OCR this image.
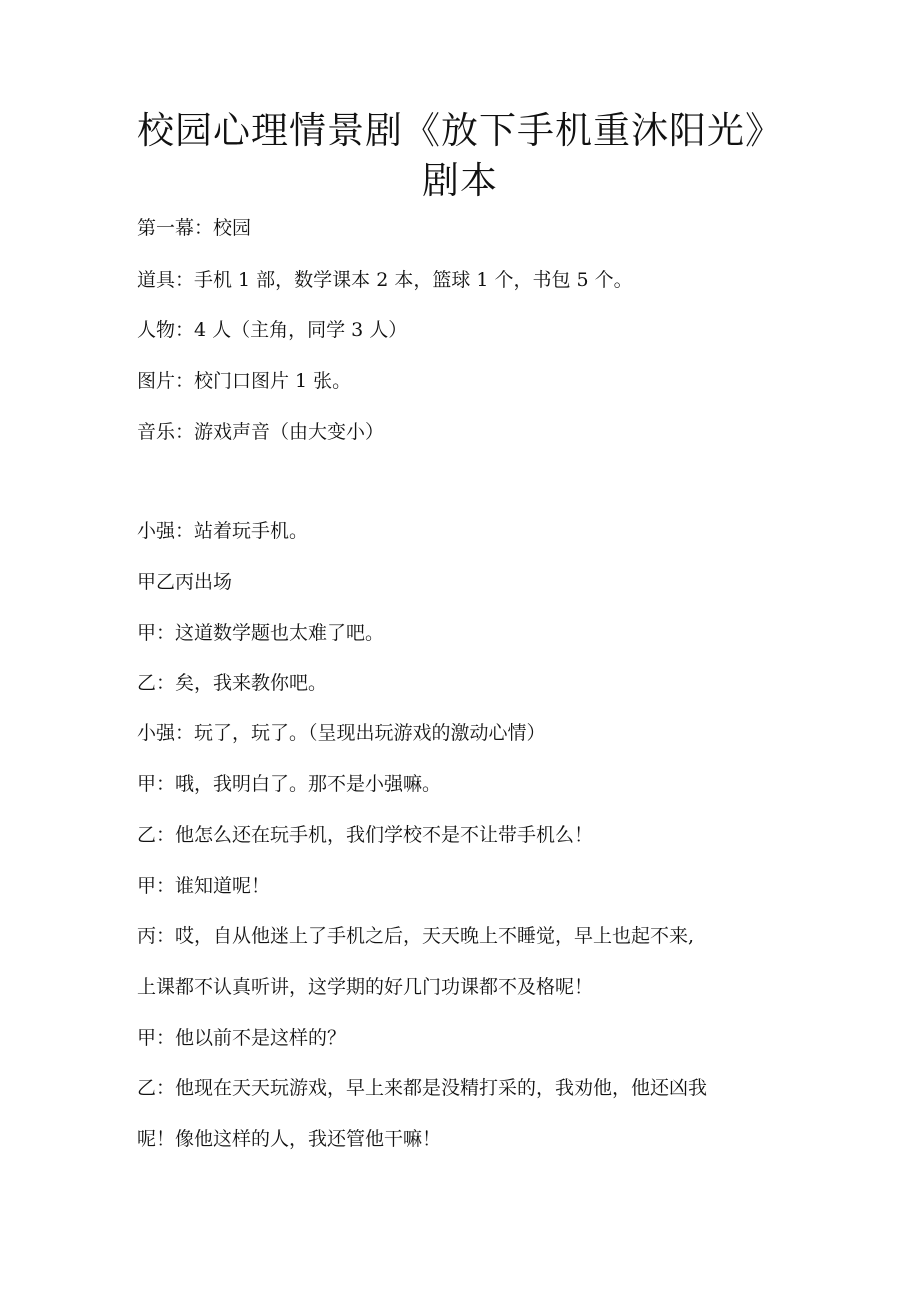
校园心理情景剧《放下手机重沐阳光》
剧本

第一幕：校园

道具：手机 1 部，数学课本 2 本，篮球 1 个，书包 5 个。

人物：4 人（主角，同学 3 人）

图片：校门口图片 1 张。

音乐：游戏声音（由大变小）

小强：站着玩手机。

甲乙丙出场

甲：这道数学题也太难了吧。

乙：矣，我来教你吧。

小强：玩了，玩了。（呈现出玩游戏的激动心情）

甲：哦，我明白了。那不是小强嘛。

乙：他怎么还在玩手机，我们学校不是不让带手机么！

甲：谁知道呢！

丙：哎，自从他迷上了手机之后，天天晚上不睡觉，早上也起不来,

上课都不认真听讲，这学期的好几门功课都不及格呢！

甲：他以前不是这样的？

乙：他现在天天玩游戏，早上来都是没精打采的，我劝他，他还凶我

呢！像他这样的人，我还管他干嘛！
